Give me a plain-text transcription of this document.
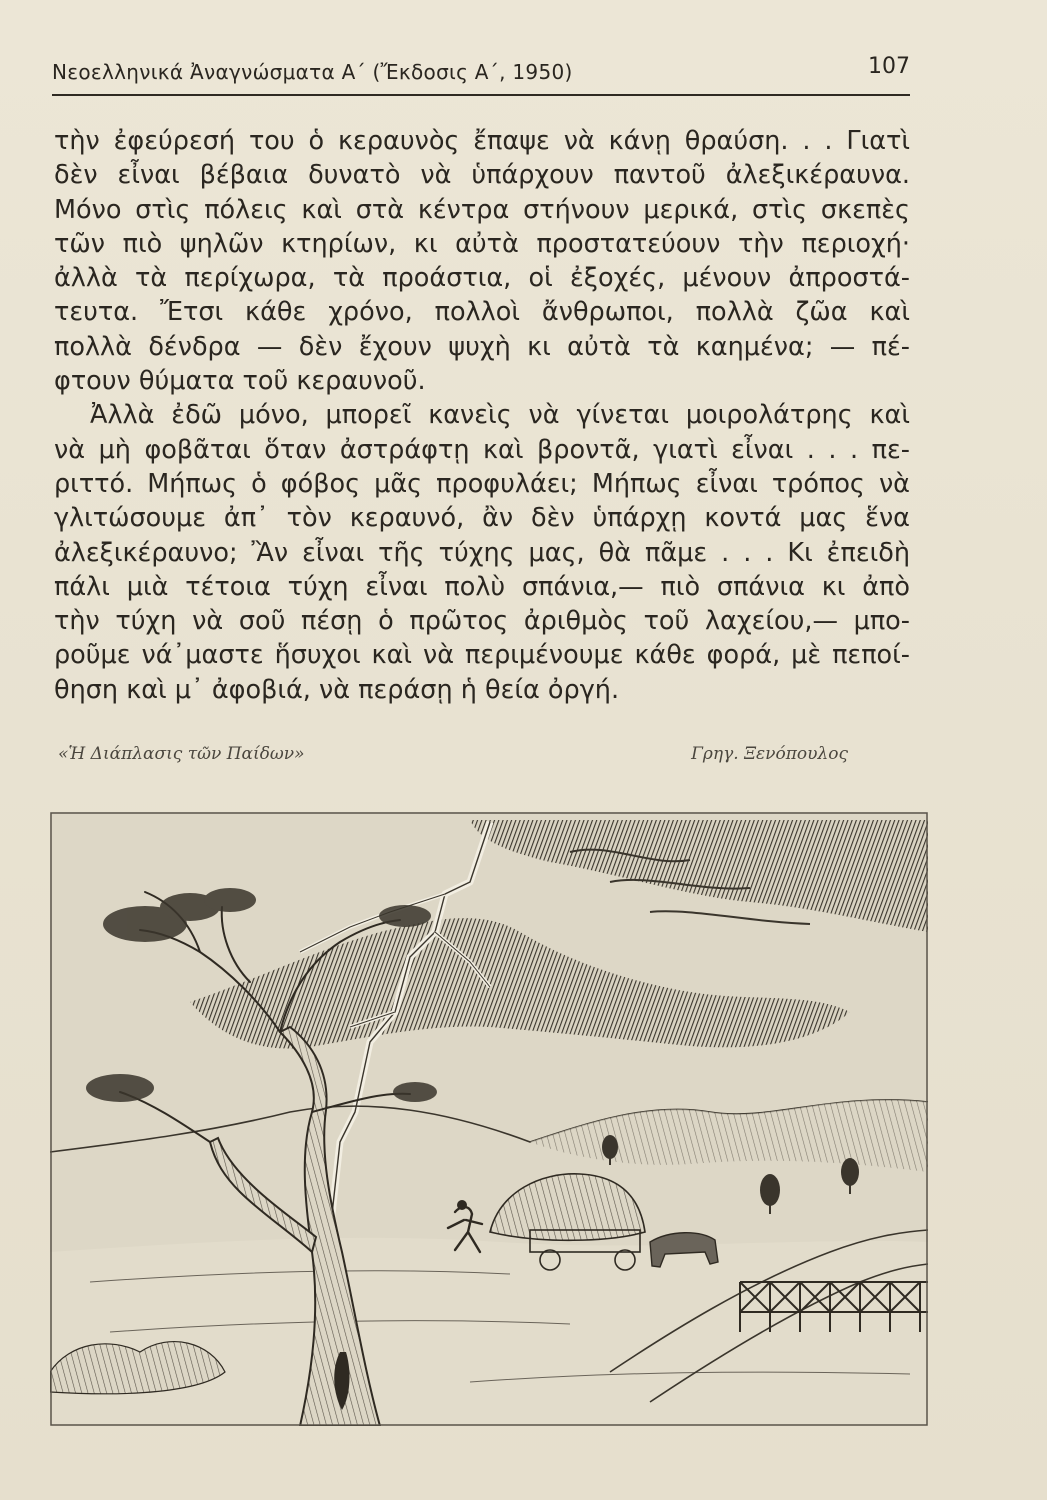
Νεοελληνικά Ἀναγνώσματα Α΄ (Ἔκδοσις Α΄, 1950)	107
τὴν ἐφεύρεσή του ὁ κεραυνὸς ἔπαψε νὰ κάνῃ θραύση. . . Γιατὶ
δὲν εἶναι βέβαια δυνατὸ νὰ ὑπάρχουν παντοῦ ἀλεξικέραυνα.
Μόνο στὶς πόλεις καὶ στὰ κέντρα στήνουν μερικά, στὶς σκεπὲς
τῶν πιὸ ψηλῶν κτηρίων, κι αὐτὰ προστατεύουν τὴν περιοχή·
ἀλλὰ τὰ περίχωρα, τὰ προάστια, οἱ ἐξοχές, μένουν ἀπροστά-
τευτα. Ἔτσι κάθε χρόνο, πολλοὶ ἄνθρωποι, πολλὰ ζῶα καὶ
πολλὰ δένδρα — δὲν ἔχουν ψυχὴ κι αὐτὰ τὰ καημένα; — πέ-
φτουν θύματα τοῦ κεραυνοῦ.
Ἀλλὰ ἐδῶ μόνο, μπορεῖ κανεὶς νὰ γίνεται μοιρολάτρης καὶ
νὰ μὴ φοβᾶται ὅταν ἀστράφτῃ καὶ βροντᾶ, γιατὶ εἶναι . . . πε-
ριττό. Μήπως ὁ φόβος μᾶς προφυλάει; Μήπως εἶναι τρόπος νὰ
γλιτώσουμε ἀπ᾽ τὸν κεραυνό, ἂν δὲν ὑπάρχῃ κοντά μας ἕνα
ἀλεξικέραυνο; Ἂν εἶναι τῆς τύχης μας, θὰ πᾶμε . . . Κι ἐπειδὴ
πάλι μιὰ τέτοια τύχη εἶναι πολὺ σπάνια,— πιὸ σπάνια κι ἀπὸ
τὴν τύχη νὰ σοῦ πέσῃ ὁ πρῶτος ἀριθμὸς τοῦ λαχείου,— μπο-
ροῦμε νά᾽μαστε ἥσυχοι καὶ νὰ περιμένουμε κάθε φορά, μὲ πεποί-
θηση καὶ μ᾽ ἀφοβιά, νὰ περάσῃ ἡ θεία ὀργή.
«Ἡ Διάπλασις τῶν Παίδων»	Γρηγ. Ξενόπουλος
